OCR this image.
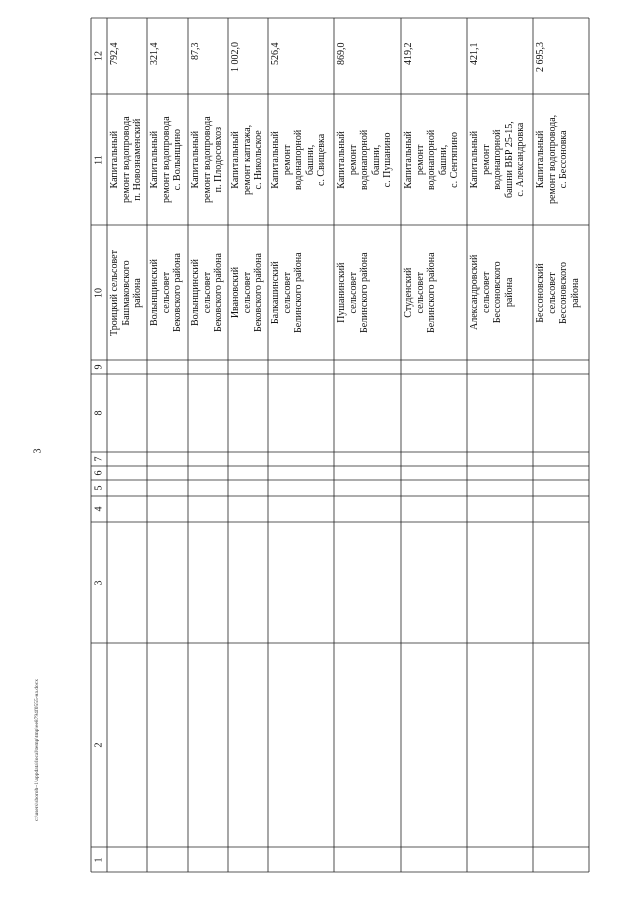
3
c:\users\sboroh~1\appdata\local\temp\tmp\ee8794f0555-на.docx
1
2
3
4
5
6
7
8
9
10
11
12
Троицкий сельсовет Башмаковского района
Капитальный ремонт водопровода п. Новознаменский
792,4
Волынщинский сельсовет Бековского района
Капитальный ремонт водопровода с. Волынщино
321,4
Волынщинский сельсовет Бековского района
Капитальный ремонт водопровода п. Плодосовхоз
87,3
Ивановский сельсовет Бековского района
Капитальный ремонт каптажа, с. Никольское
1 002,0
Балкашинский сельсовет Белинского района
Капитальный ремонт водонапорной башни, с. Свищевка
526,4
Пушанинский сельсовет Белинского района
Капитальный ремонт водонапорной башни, с. Пушанино
869,0
Студенский сельсовет Белинского района
Капитальный ремонт водонапорной башни, с. Сентяпино
419,2
Александровский сельсовет Бессоновского района
Капитальный ремонт водонапорной башни ВБР 25-15, с. Александровка
421,1
Бессоновский сельсовет Бессоновского района
Капитальный ремонт водопровода, с. Бессоновка
2 695,3
